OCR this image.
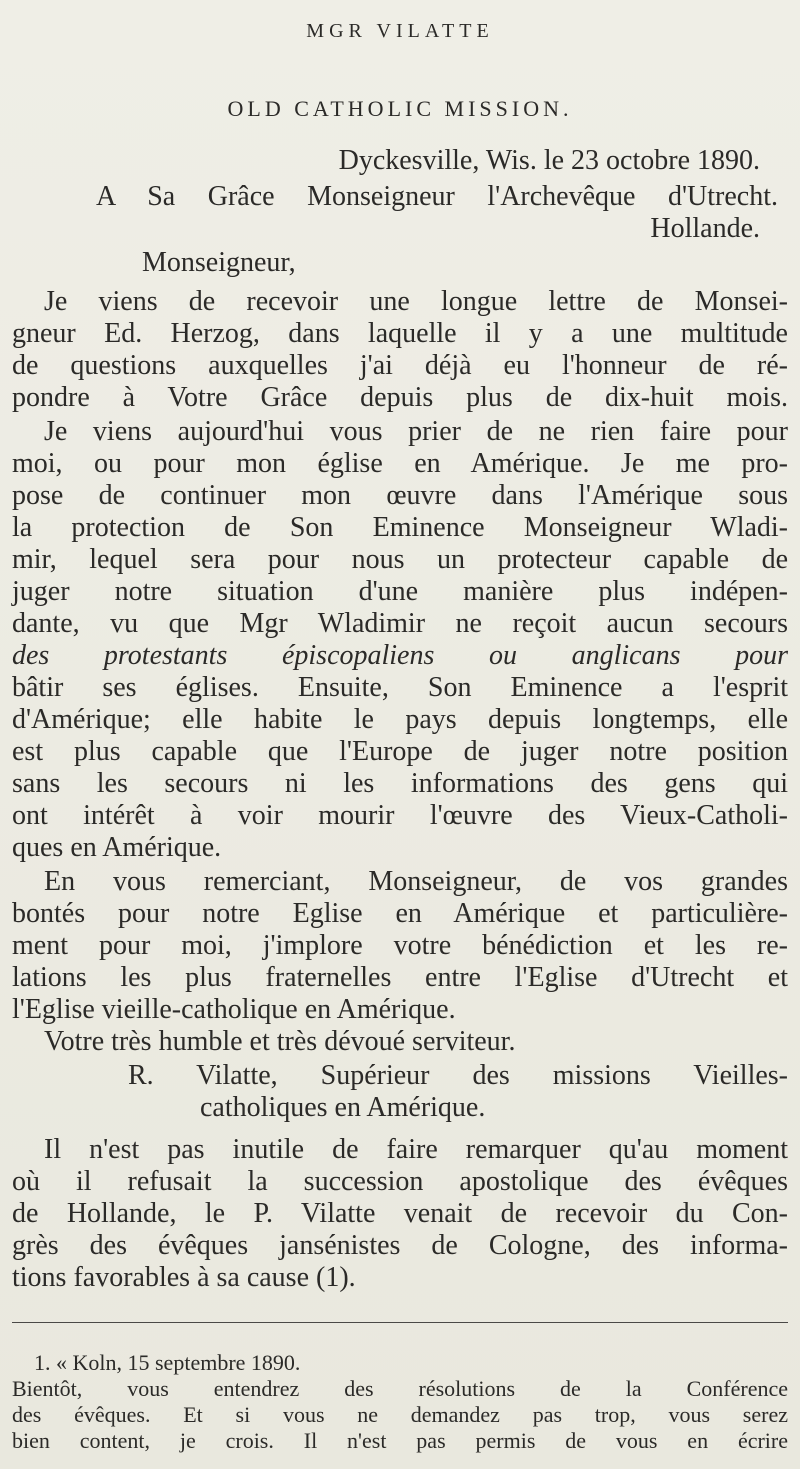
MGR VILATTE
OLD CATHOLIC MISSION.
Dyckesville, Wis. le 23 octobre 1890.
A Sa Grâce Monseigneur l'Archevêque d'Utrecht.
Hollande.
Monseigneur,
Je viens de recevoir une longue lettre de Monsei-
gneur Ed. Herzog, dans laquelle il y a une multitude
de questions auxquelles j'ai déjà eu l'honneur de ré-
pondre à Votre Grâce depuis plus de dix-huit mois.
Je viens aujourd'hui vous prier de ne rien faire pour
moi, ou pour mon église en Amérique. Je me pro-
pose de continuer mon œuvre dans l'Amérique sous
la protection de Son Eminence Monseigneur Wladi-
mir, lequel sera pour nous un protecteur capable de
juger notre situation d'une manière plus indépen-
dante, vu que Mgr Wladimir ne reçoit aucun secours
des protestants épiscopaliens ou anglicans pour
bâtir ses églises. Ensuite, Son Eminence a l'esprit
d'Amérique; elle habite le pays depuis longtemps, elle
est plus capable que l'Europe de juger notre position
sans les secours ni les informations des gens qui
ont intérêt à voir mourir l'œuvre des Vieux-Catholi-
ques en Amérique.
En vous remerciant, Monseigneur, de vos grandes
bontés pour notre Eglise en Amérique et particulière-
ment pour moi, j'implore votre bénédiction et les re-
lations les plus fraternelles entre l'Eglise d'Utrecht et
l'Eglise vieille-catholique en Amérique.
Votre très humble et très dévoué serviteur.
R. Vilatte, Supérieur des missions Vieilles-
catholiques en Amérique.
Il n'est pas inutile de faire remarquer qu'au moment
où il refusait la succession apostolique des évêques
de Hollande, le P. Vilatte venait de recevoir du Con-
grès des évêques jansénistes de Cologne, des informa-
tions favorables à sa cause (1).
1. « Koln, 15 septembre 1890.
Bientôt, vous entendrez des résolutions de la Conférence
des évêques. Et si vous ne demandez pas trop, vous serez
bien content, je crois. Il n'est pas permis de vous en écrire
